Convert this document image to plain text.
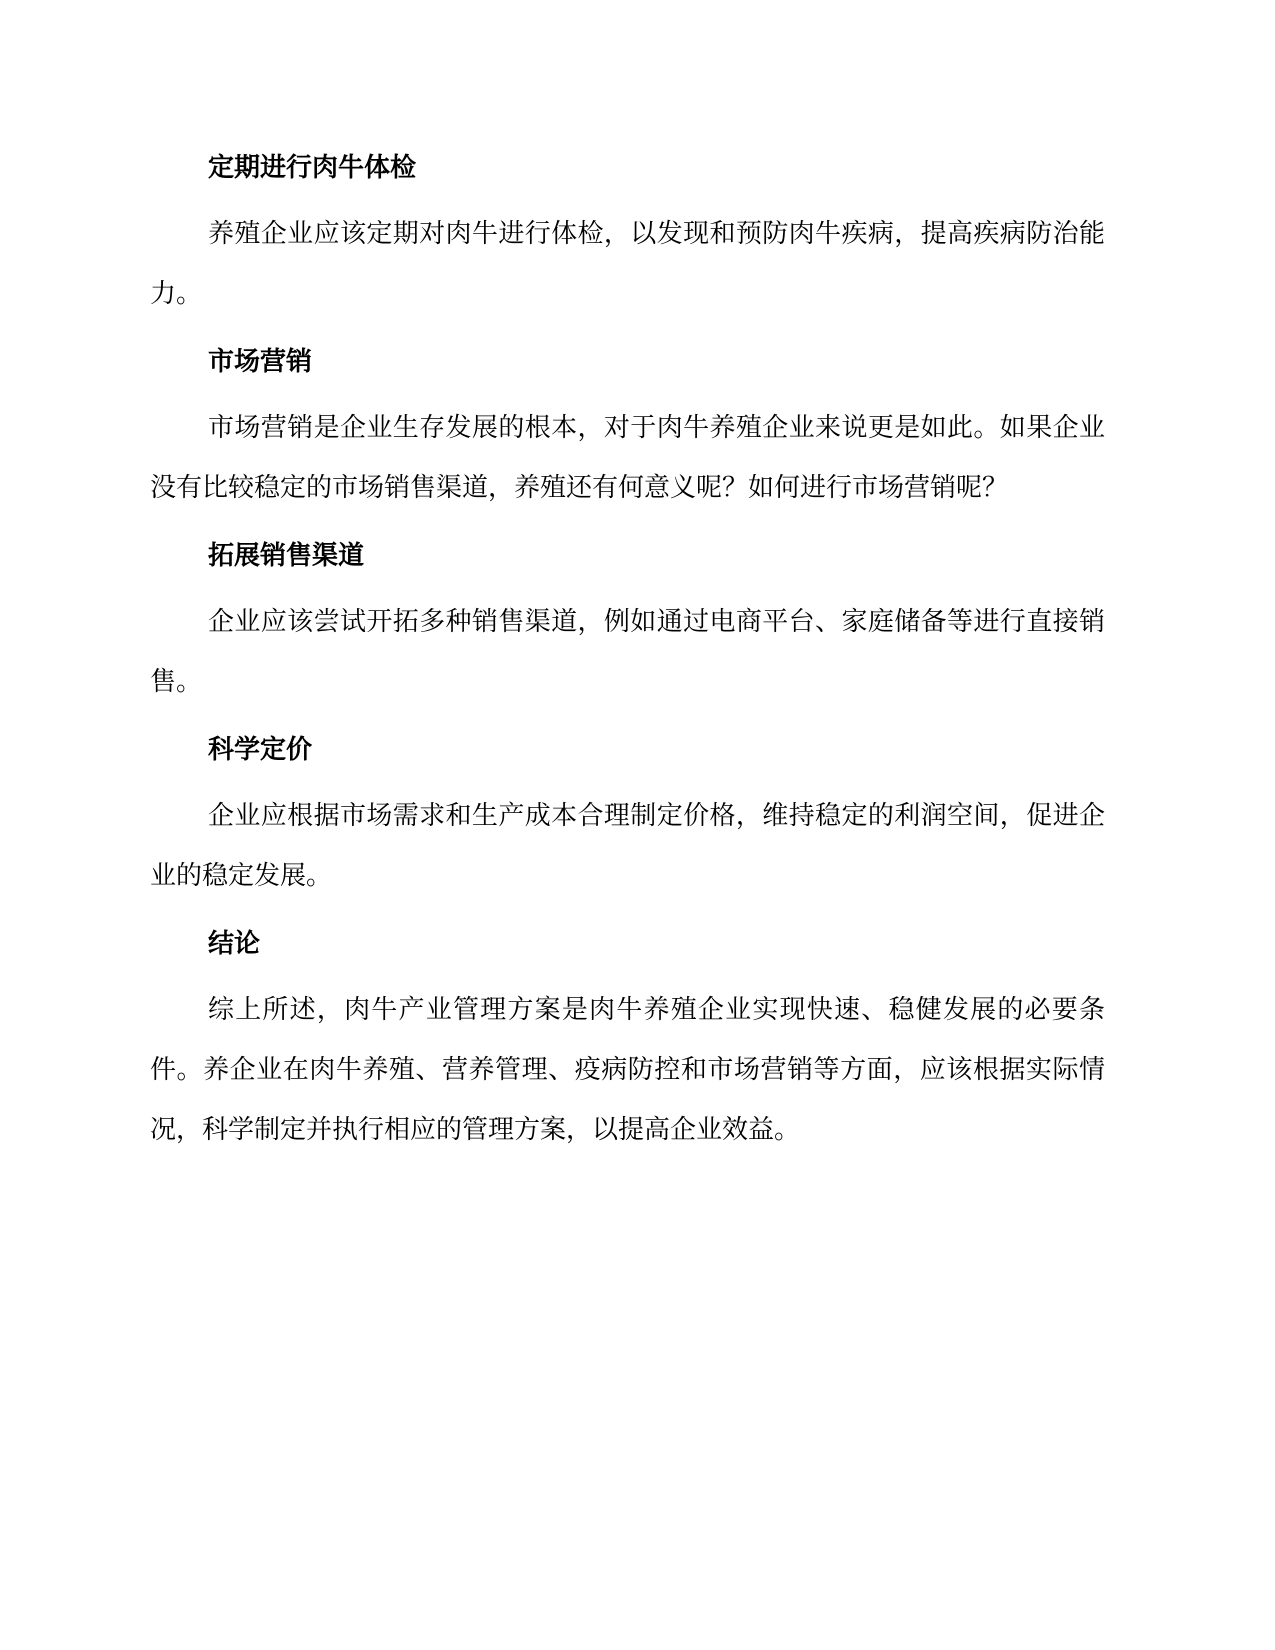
定期进行肉牛体检

养殖企业应该定期对肉牛进行体检，以发现和预防肉牛疾病，提高疾病防治能力。

市场营销

市场营销是企业生存发展的根本，对于肉牛养殖企业来说更是如此。如果企业没有比较稳定的市场销售渠道，养殖还有何意义呢？如何进行市场营销呢？

拓展销售渠道

企业应该尝试开拓多种销售渠道，例如通过电商平台、家庭储备等进行直接销售。

科学定价

企业应根据市场需求和生产成本合理制定价格，维持稳定的利润空间，促进企业的稳定发展。

结论

综上所述，肉牛产业管理方案是肉牛养殖企业实现快速、稳健发展的必要条件。养企业在肉牛养殖、营养管理、疫病防控和市场营销等方面，应该根据实际情况，科学制定并执行相应的管理方案，以提高企业效益。
